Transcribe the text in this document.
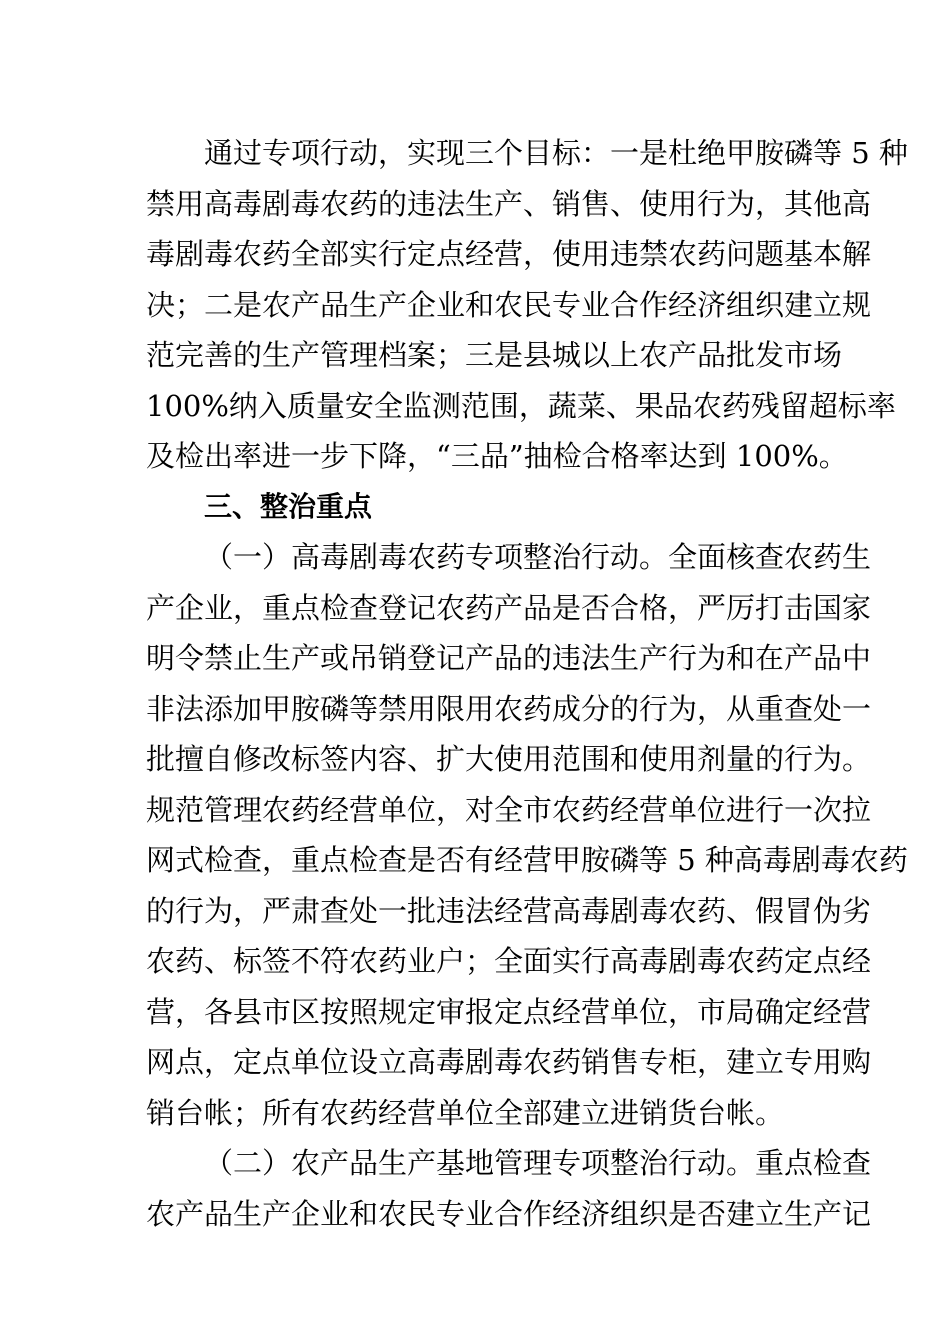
通过专项行动，实现三个目标：一是杜绝甲胺磷等 5 种
禁用高毒剧毒农药的违法生产、销售、使用行为，其他高
毒剧毒农药全部实行定点经营，使用违禁农药问题基本解
决；二是农产品生产企业和农民专业合作经济组织建立规
范完善的生产管理档案；三是县城以上农产品批发市场
100%纳入质量安全监测范围，蔬菜、果品农药残留超标率
及检出率进一步下降，“三品”抽检合格率达到 100%。
三、整治重点
（一）高毒剧毒农药专项整治行动。全面核查农药生
产企业，重点检查登记农药产品是否合格，严厉打击国家
明令禁止生产或吊销登记产品的违法生产行为和在产品中
非法添加甲胺磷等禁用限用农药成分的行为，从重查处一
批擅自修改标签内容、扩大使用范围和使用剂量的行为。
规范管理农药经营单位，对全市农药经营单位进行一次拉
网式检查，重点检查是否有经营甲胺磷等 5 种高毒剧毒农药
的行为，严肃查处一批违法经营高毒剧毒农药、假冒伪劣
农药、标签不符农药业户；全面实行高毒剧毒农药定点经
营，各县市区按照规定审报定点经营单位，市局确定经营
网点，定点单位设立高毒剧毒农药销售专柜，建立专用购
销台帐；所有农药经营单位全部建立进销货台帐。
（二）农产品生产基地管理专项整治行动。重点检查
农产品生产企业和农民专业合作经济组织是否建立生产记
